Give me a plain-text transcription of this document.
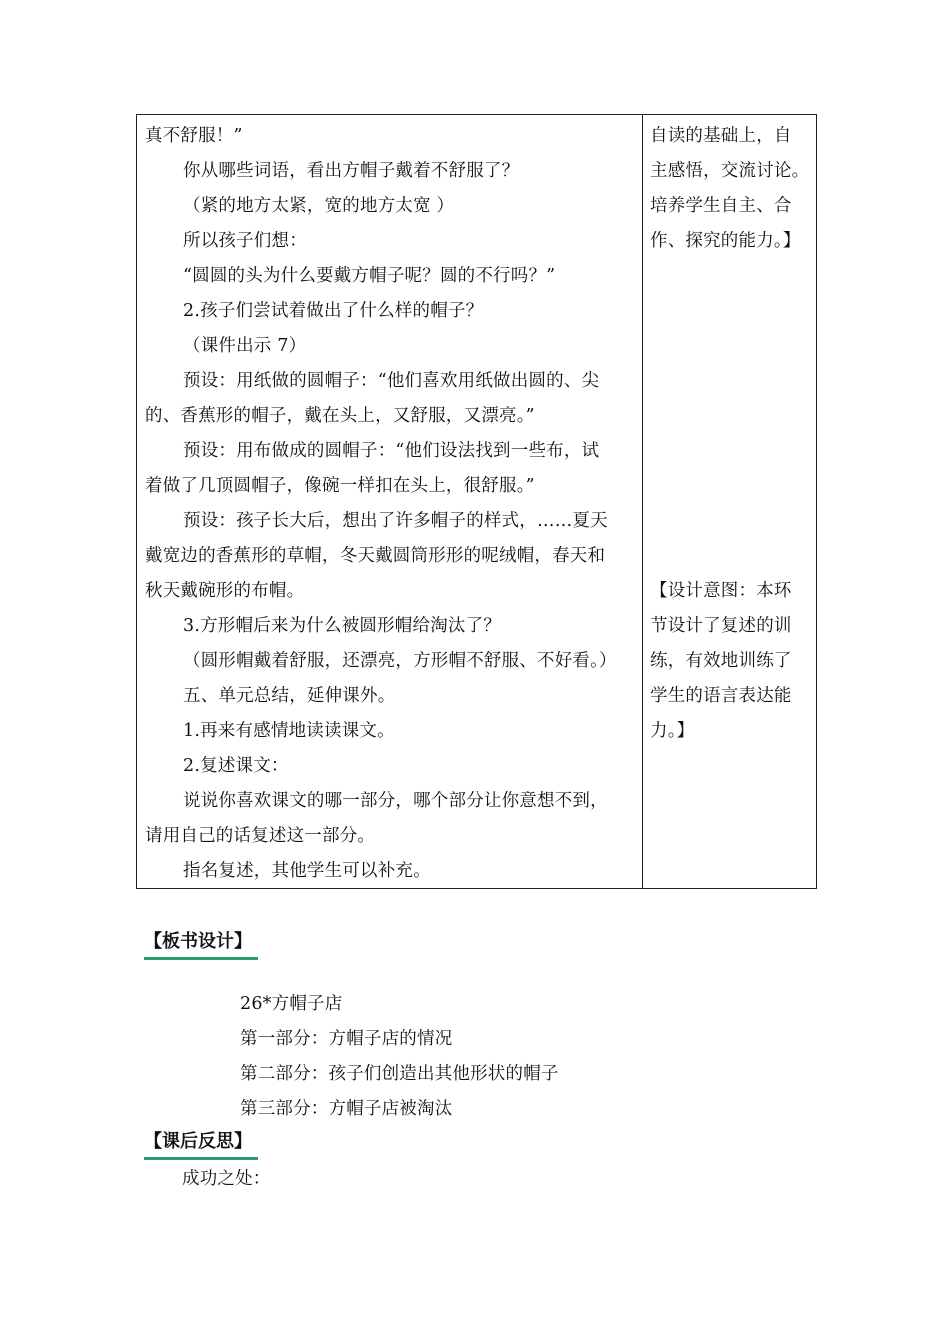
真不舒服！”
你从哪些词语，看出方帽子戴着不舒服了？
（紧的地方太紧，宽的地方太宽 ）
所以孩子们想：
“圆圆的头为什么要戴方帽子呢？圆的不行吗？”
2.孩子们尝试着做出了什么样的帽子？
（课件出示 7）
预设：用纸做的圆帽子：“他们喜欢用纸做出圆的、尖
的、香蕉形的帽子，戴在头上，又舒服，又漂亮。”
预设：用布做成的圆帽子：“他们设法找到一些布，试
着做了几顶圆帽子，像碗一样扣在头上，很舒服。”
预设：孩子长大后，想出了许多帽子的样式，……夏天
戴宽边的香蕉形的草帽，冬天戴圆筒形形的呢绒帽，春天和
秋天戴碗形的布帽。
3.方形帽后来为什么被圆形帽给淘汰了？
（圆形帽戴着舒服，还漂亮，方形帽不舒服、不好看。）
五、单元总结，延伸课外。
1.再来有感情地读读课文。
2.复述课文：
说说你喜欢课文的哪一部分，哪个部分让你意想不到，
请用自己的话复述这一部分。
指名复述，其他学生可以补充。
自读的基础上，自
主感悟，交流讨论。
培养学生自主、合
作、探究的能力。】
【设计意图：本环
节设计了复述的训
练，有效地训练了
学生的语言表达能
力。】
【板书设计】
26*方帽子店
第一部分：方帽子店的情况
第二部分：孩子们创造出其他形状的帽子
第三部分：方帽子店被淘汰
【课后反思】
成功之处：
